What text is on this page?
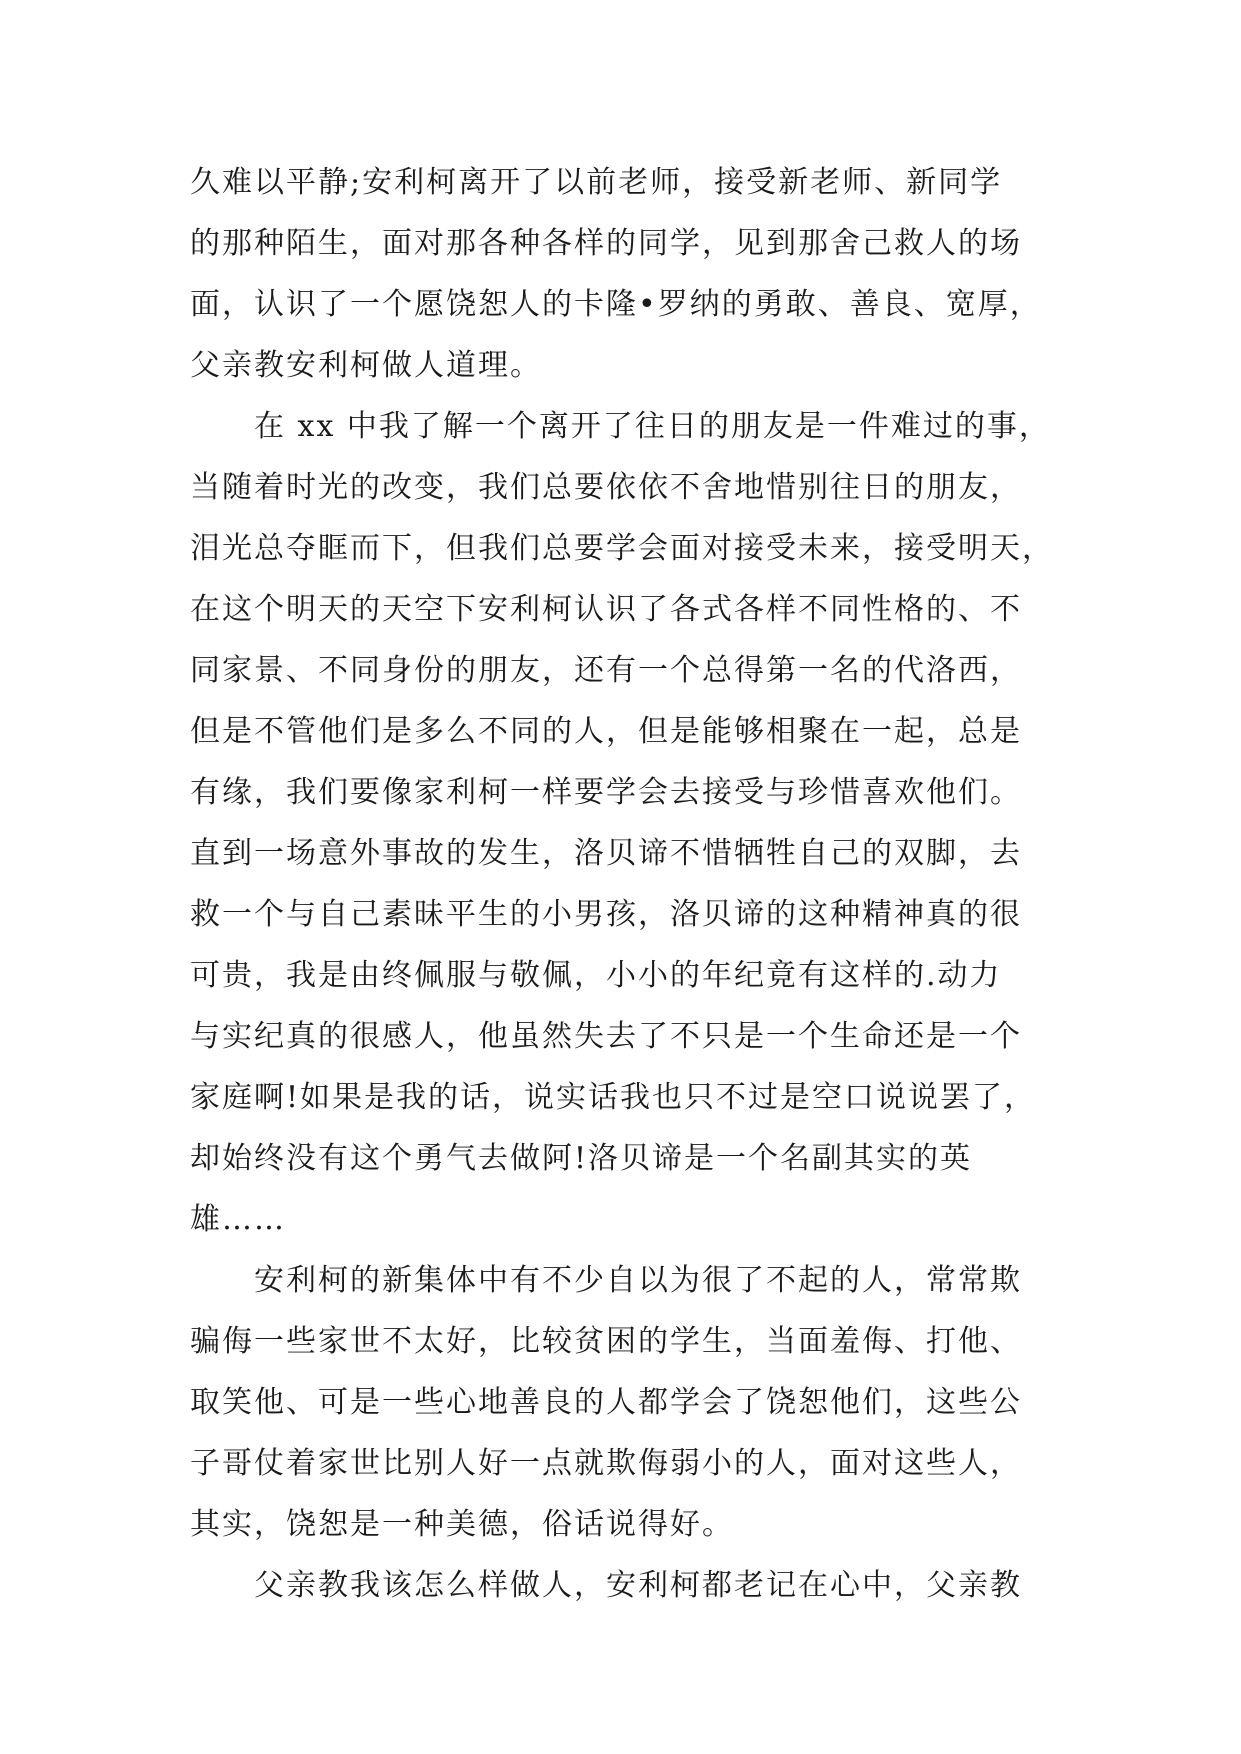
久难以平静;安利柯离开了以前老师，接受新老师、新同学
的那种陌生，面对那各种各样的同学，见到那舍己救人的场
面，认识了一个愿饶恕人的卡隆•罗纳的勇敢、善良、宽厚，
父亲教安利柯做人道理。
在 xx 中我了解一个离开了往日的朋友是一件难过的事，
当随着时光的改变，我们总要依依不舍地惜别往日的朋友，
泪光总夺眶而下，但我们总要学会面对接受未来，接受明天，
在这个明天的天空下安利柯认识了各式各样不同性格的、不
同家景、不同身份的朋友，还有一个总得第一名的代洛西，
但是不管他们是多么不同的人，但是能够相聚在一起，总是
有缘，我们要像家利柯一样要学会去接受与珍惜喜欢他们。
直到一场意外事故的发生，洛贝谛不惜牺牲自己的双脚，去
救一个与自己素昧平生的小男孩，洛贝谛的这种精神真的很
可贵，我是由终佩服与敬佩，小小的年纪竟有这样的.动力
与实纪真的很感人，他虽然失去了不只是一个生命还是一个
家庭啊!如果是我的话，说实话我也只不过是空口说说罢了，
却始终没有这个勇气去做阿!洛贝谛是一个名副其实的英
雄……
安利柯的新集体中有不少自以为很了不起的人，常常欺
骗侮一些家世不太好，比较贫困的学生，当面羞侮、打他、
取笑他、可是一些心地善良的人都学会了饶恕他们，这些公
子哥仗着家世比别人好一点就欺侮弱小的人，面对这些人，
其实，饶恕是一种美德，俗话说得好。
父亲教我该怎么样做人，安利柯都老记在心中，父亲教
